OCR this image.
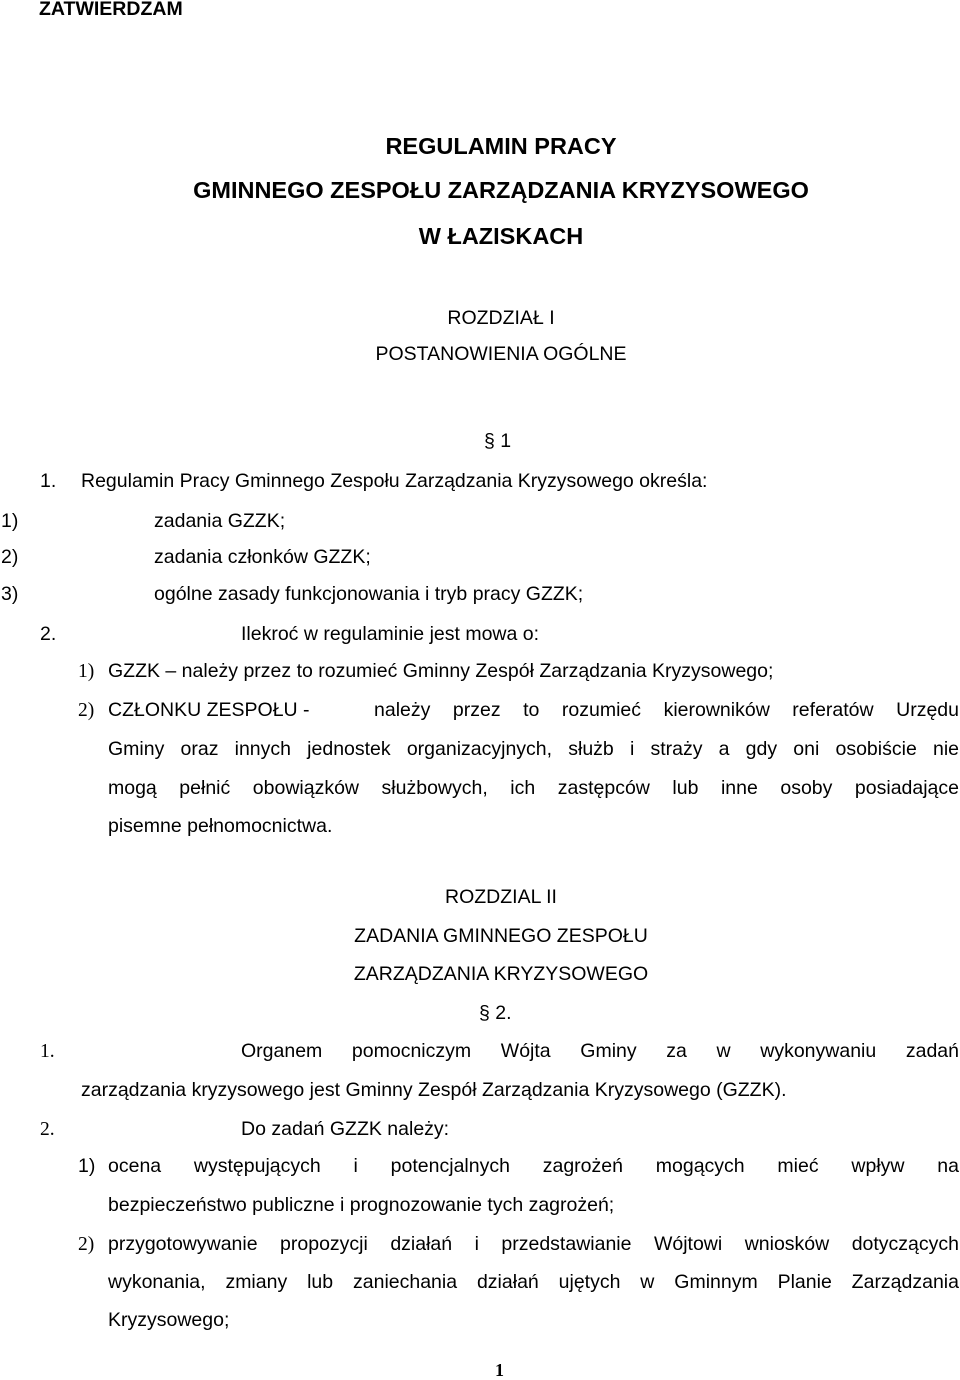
ZATWIERDZAM
REGULAMIN PRACY
GMINNEGO ZESPOŁU ZARZĄDZANIA KRYZYSOWEGO
W ŁAZISKACH
ROZDZIAŁ I
POSTANOWIENIA OGÓLNE
§ 1
1. Regulamin Pracy Gminnego Zespołu Zarządzania Kryzysowego określa:
1)	zadania GZZK;
2)	zadania członków GZZK;
3)	ogólne zasady funkcjonowania i tryb pracy GZZK;
2.	Ilekroć w regulaminie jest mowa o:
1) GZZK – należy przez to rozumieć Gminny Zespół Zarządzania Kryzysowego;
2) CZŁONKU ZESPOŁU -	należy przez to rozumieć kierowników referatów Urzędu
Gminy oraz innych jednostek organizacyjnych, służb i straży a gdy oni osobiście nie
mogą pełnić obowiązków służbowych, ich zastępców lub inne osoby posiadające
pisemne pełnomocnictwa.
ROZDZIAL II
ZADANIA GMINNEGO ZESPOŁU
ZARZĄDZANIA KRYZYSOWEGO
§ 2.
1.	Organem pomocniczym Wójta Gminy za w wykonywaniu zadań
zarządzania kryzysowego jest Gminny Zespół Zarządzania Kryzysowego (GZZK).
2.	Do zadań GZZK należy:
1) ocena występujących i potencjalnych zagrożeń mogących mieć wpływ na
bezpieczeństwo publiczne i prognozowanie tych zagrożeń;
2) przygotowywanie propozycji działań i przedstawianie Wójtowi wniosków dotyczących
wykonania, zmiany lub zaniechania działań ujętych w Gminnym Planie Zarządzania
Kryzysowego;
1
